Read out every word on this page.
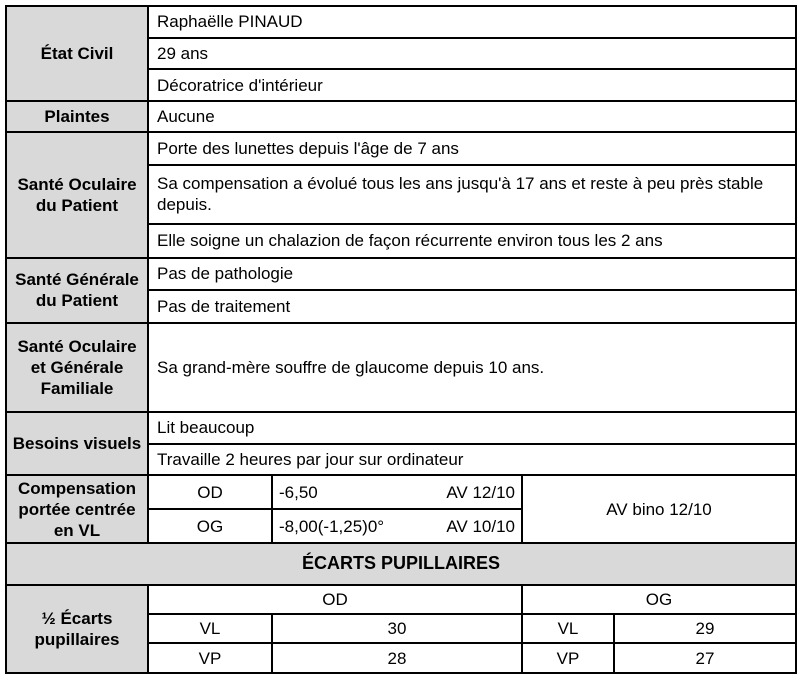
État Civil	Raphaëlle PINAUD			
	29 ans			
	Décoratrice d'intérieur			
Plaintes	Aucune			
Santé Oculaire du Patient	Porte des lunettes depuis l'âge de 7 ans			
	Sa compensation a évolué tous les ans jusqu'à 17 ans et reste à peu près stable depuis.			
	Elle soigne un chalazion de façon récurrente environ tous les 2 ans			
Santé Générale du Patient	Pas de pathologie			
	Pas de traitement			
Santé Oculaire et Générale Familiale	Sa grand-mère souffre de glaucome depuis 10 ans.			
Besoins visuels	Lit beaucoup			
	Travaille 2 heures par jour sur ordinateur			
Compensation portée centrée en VL	OD	-6,50 AV 12/10	AV bino 12/10	
	OG	-8,00(-1,25)0° AV 10/10		

ÉCARTS PUPILLAIRES				
½ Écarts pupillaires	OD		OG	
	VL	30	VL	29
	VP	28	VP	27
